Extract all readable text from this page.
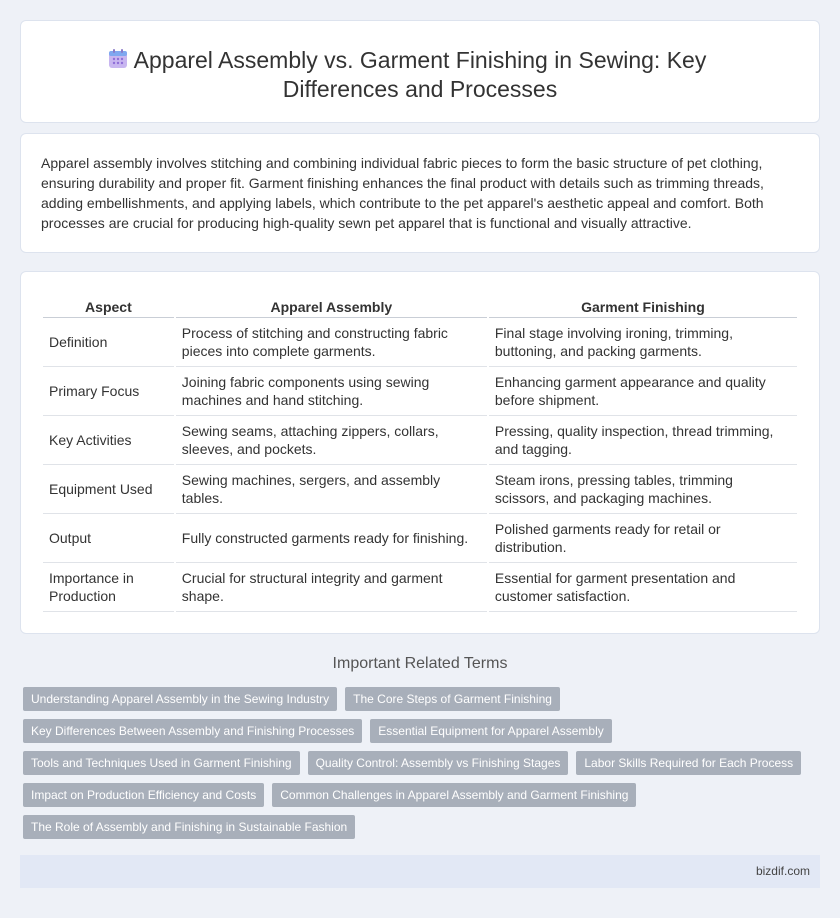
Apparel Assembly vs. Garment Finishing in Sewing: Key Differences and Processes

Apparel assembly involves stitching and combining individual fabric pieces to form the basic structure of pet clothing, ensuring durability and proper fit. Garment finishing enhances the final product with details such as trimming threads, adding embellishments, and applying labels, which contribute to the pet apparel's aesthetic appeal and comfort. Both processes are crucial for producing high-quality sewn pet apparel that is functional and visually attractive.

Aspect	Apparel Assembly	Garment Finishing
Definition	Process of stitching and constructing fabric pieces into complete garments.	Final stage involving ironing, trimming, buttoning, and packing garments.
Primary Focus	Joining fabric components using sewing machines and hand stitching.	Enhancing garment appearance and quality before shipment.
Key Activities	Sewing seams, attaching zippers, collars, sleeves, and pockets.	Pressing, quality inspection, thread trimming, and tagging.
Equipment Used	Sewing machines, sergers, and assembly tables.	Steam irons, pressing tables, trimming scissors, and packaging machines.
Output	Fully constructed garments ready for finishing.	Polished garments ready for retail or distribution.
Importance in Production	Crucial for structural integrity and garment shape.	Essential for garment presentation and customer satisfaction.
Important Related Terms
Understanding Apparel Assembly in the Sewing Industry	The Core Steps of Garment Finishing
Key Differences Between Assembly and Finishing Processes	Essential Equipment for Apparel Assembly
Tools and Techniques Used in Garment Finishing	Quality Control: Assembly vs Finishing Stages	Labor Skills Required for Each Process
Impact on Production Efficiency and Costs	Common Challenges in Apparel Assembly and Garment Finishing
The Role of Assembly and Finishing in Sustainable Fashion
bizdif.com
